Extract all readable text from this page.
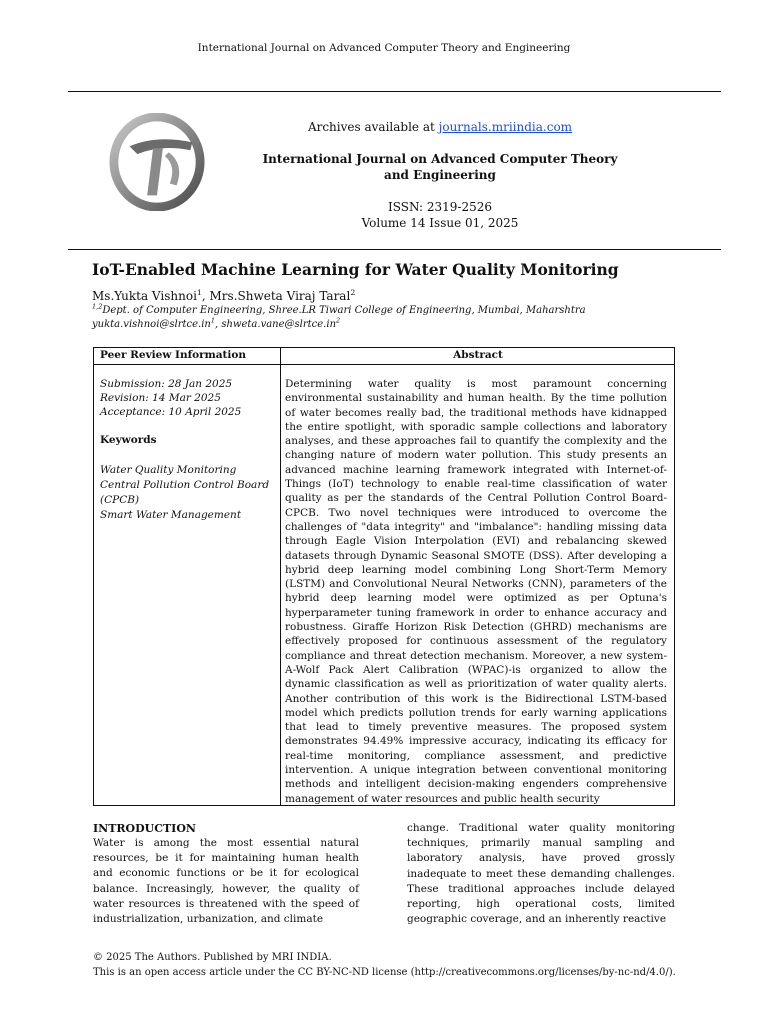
International Journal on Advanced Computer Theory and Engineering
Archives available at journals.mriindia.com
International Journal on Advanced Computer Theory and Engineering
ISSN: 2319-2526
Volume 14 Issue 01, 2025
IoT-Enabled Machine Learning for Water Quality Monitoring
Ms.Yukta Vishnoi$^1$, Mrs.Shweta Viraj Taral$^2$
$^{1,2}$Dept. of Computer Engineering, Shree.LR Tiwari College of Engineering, Mumbai, Maharshtra
$yukta.vishnoi@slrtce.in^1$, $shweta.vane@slrtce.in^2$
Peer Review Information	Abstract
Submission: 28 Jan 2025
Revision: 14 Mar 2025
Acceptance: 10 April 2025
Keywords
Water Quality Monitoring
Central Pollution Control Board (CPCB)
Smart Water Management
Determining water quality is most paramount concerning environmental sustainability and human health. By the time pollution of water becomes really bad, the traditional methods have kidnapped the entire spotlight, with sporadic sample collections and laboratory analyses, and these approaches fail to quantify the complexity and the changing nature of modern water pollution. This study presents an advanced machine learning framework integrated with Internet-of-Things (IoT) technology to enable real-time classification of water quality as per the standards of the Central Pollution Control Board-CPCB. Two novel techniques were introduced to overcome the challenges of "data integrity" and "imbalance": handling missing data through Eagle Vision Interpolation (EVI) and rebalancing skewed datasets through Dynamic Seasonal SMOTE (DSS). After developing a hybrid deep learning model combining Long Short-Term Memory (LSTM) and Convolutional Neural Networks (CNN), parameters of the hybrid deep learning model were optimized as per Optuna's hyperparameter tuning framework in order to enhance accuracy and robustness. Giraffe Horizon Risk Detection (GHRD) mechanisms are effectively proposed for continuous assessment of the regulatory compliance and threat detection mechanism. Moreover, a new system-A-Wolf Pack Alert Calibration (WPAC)-is organized to allow the dynamic classification as well as prioritization of water quality alerts. Another contribution of this work is the Bidirectional LSTM-based model which predicts pollution trends for early warning applications that lead to timely preventive measures. The proposed system demonstrates 94.49% impressive accuracy, indicating its efficacy for real-time monitoring, compliance assessment, and predictive intervention. A unique integration between conventional monitoring methods and intelligent decision-making engenders comprehensive management of water resources and public health security
INTRODUCTION
Water is among the most essential natural resources, be it for maintaining human health and economic functions or be it for ecological balance. Increasingly, however, the quality of water resources is threatened with the speed of industrialization, urbanization, and climate
change. Traditional water quality monitoring techniques, primarily manual sampling and laboratory analysis, have proved grossly inadequate to meet these demanding challenges. These traditional approaches include delayed reporting, high operational costs, limited geographic coverage, and an inherently reactive
© 2025 The Authors. Published by MRI INDIA.
This is an open access article under the CC BY-NC-ND license (http://creativecommons.org/licenses/by-nc-nd/4.0/).
